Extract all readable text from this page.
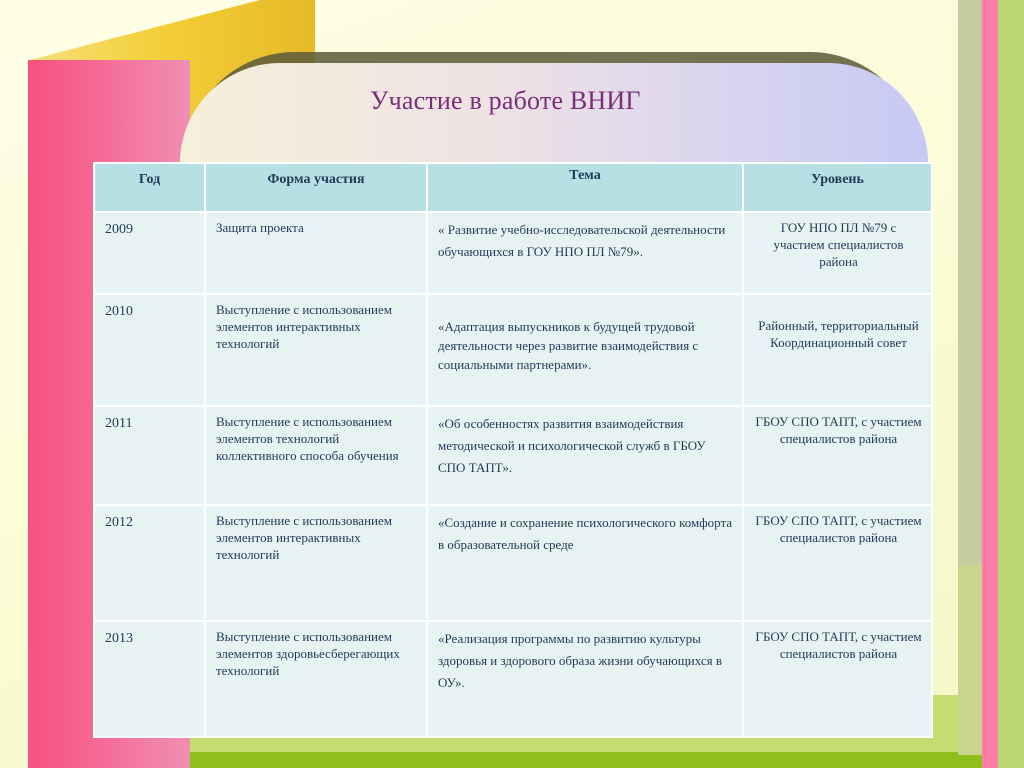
Участие в работе ВНИГ
Год	Форма участия	Тема	Уровень
2009	Защита проекта	« Развитие учебно-исследовательской деятельности обучающихся в ГОУ НПО ПЛ №79».	ГОУ НПО ПЛ №79 с участием специалистов района
2010	Выступление с использованием элементов интерактивных технологий	«Адаптация выпускников к будущей трудовой деятельности через развитие взаимодействия с социальными партнерами».	Районный, территориальный Координационный совет
2011	Выступление с использованием элементов технологий коллективного способа обучения	«Об особенностях развития взаимодействия методической и психологической служб в ГБОУ СПО ТАПТ».	ГБОУ СПО ТАПТ, с участием специалистов района
2012	Выступление с использованием элементов интерактивных технологий	«Создание и сохранение психологического комфорта в образовательной среде	ГБОУ СПО ТАПТ, с участием специалистов района
2013	Выступление с использованием элементов здоровьесберегающих технологий	«Реализация программы по развитию культуры здоровья и здорового образа жизни обучающихся в ОУ».	ГБОУ СПО ТАПТ, с участием специалистов района
